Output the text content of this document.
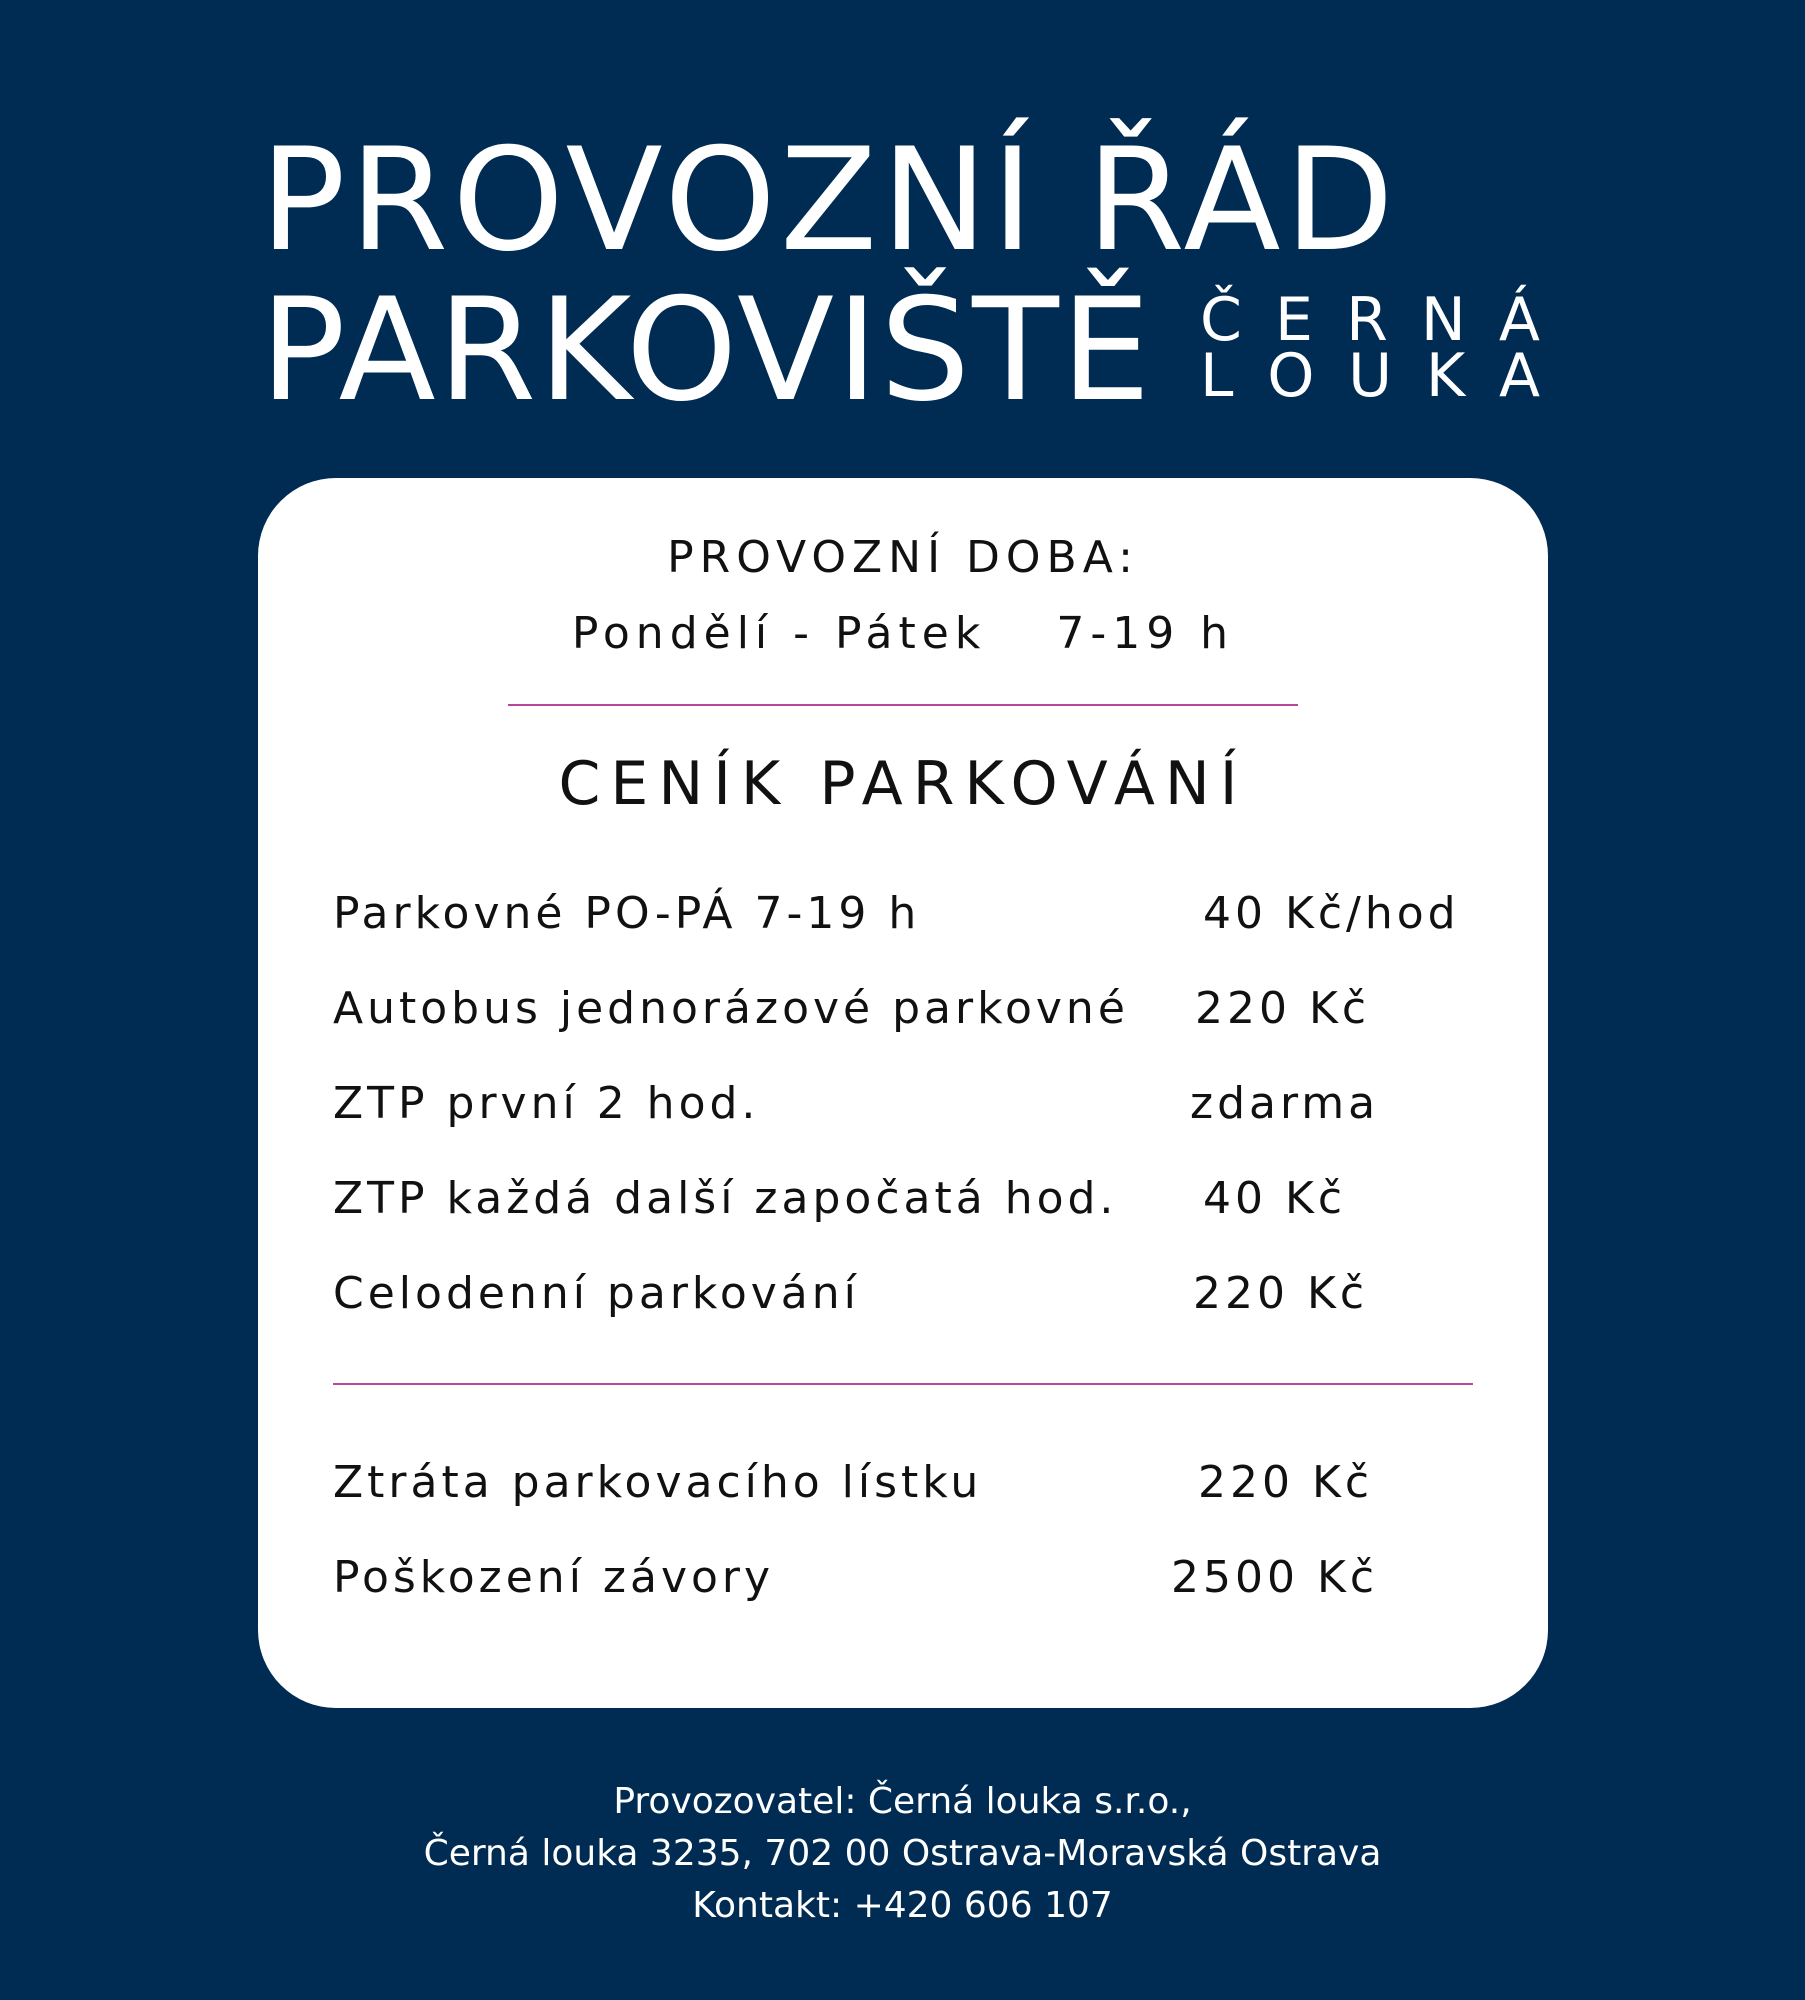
PROVOZNÍ ŘÁD
PARKOVIŠTĚ Č E R N Á
L O U K A
PROVOZNÍ DOBA:
Pondělí - Pátek 7-19 h
CENÍK PARKOVÁNÍ
Parkovné PO-PÁ 7-19 h	40 Kč/hod
Autobus jednorázové parkovné 220 Kč
ZTP první 2 hod.	zdarma
ZTP každá další započatá hod. 40 Kč
Celodenní parkování	220 Kč
Ztráta parkovacího lístku	220 Kč
Poškození závory	2500 Kč
Provozovatel: Černá louka s.r.o.,
Černá louka 3235, 702 00 Ostrava-Moravská Ostrava
Kontakt: +420 606 107
